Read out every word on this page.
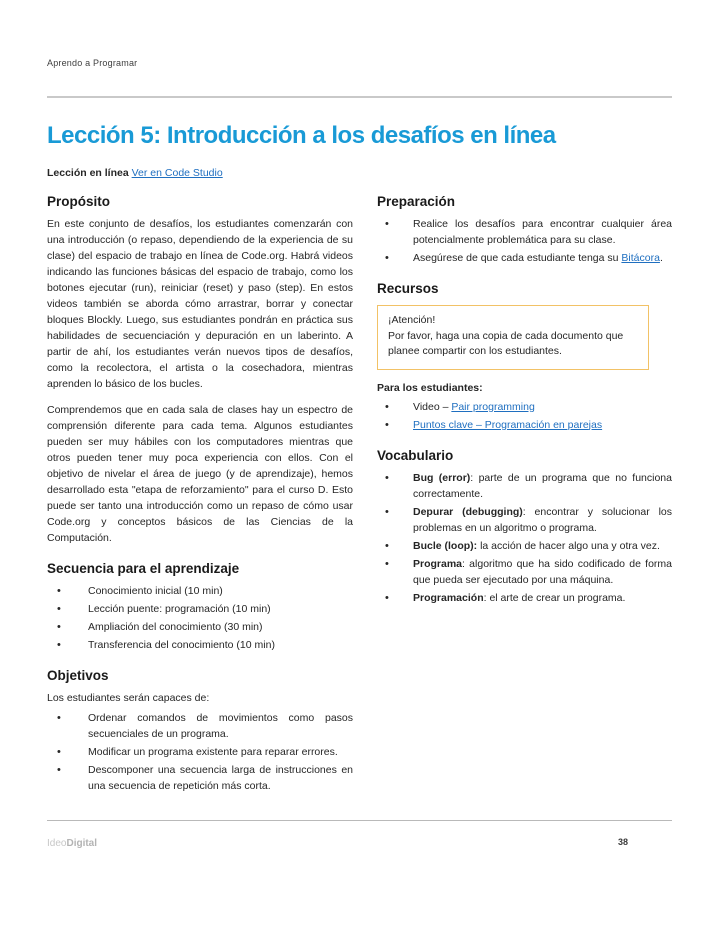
Aprendo a Programar
Lección 5: Introducción a los desafíos en línea
Lección en línea Ver en Code Studio
Propósito

En este conjunto de desafíos, los estudiantes comenzarán con una introducción (o repaso, dependiendo de la experiencia de su clase) del espacio de trabajo en línea de Code.org. Habrá videos indicando las funciones básicas del espacio de trabajo, como los botones ejecutar (run), reiniciar (reset) y paso (step). En estos videos también se aborda cómo arrastrar, borrar y conectar bloques Blockly. Luego, sus estudiantes pondrán en práctica sus habilidades de secuenciación y depuración en un laberinto. A partir de ahí, los estudiantes verán nuevos tipos de desafíos, como la recolectora, el artista o la cosechadora, mientras aprenden lo básico de los bucles.

Comprendemos que en cada sala de clases hay un espectro de comprensión diferente para cada tema. Algunos estudiantes pueden ser muy hábiles con los computadores mientras que otros pueden tener muy poca experiencia con ellos. Con el objetivo de nivelar el área de juego (y de aprendizaje), hemos desarrollado esta "etapa de reforzamiento" para el curso D. Esto puede ser tanto una introducción como un repaso de cómo usar Code.org y conceptos básicos de las Ciencias de la Computación.

Secuencia para el aprendizaje
• Conocimiento inicial (10 min)
• Lección puente: programación (10 min)
• Ampliación del conocimiento (30 min)
• Transferencia del conocimiento (10 min)
Objetivos

Los estudiantes serán capaces de:

• Ordenar comandos de movimientos como pasos secuenciales de un programa.
• Modificar un programa existente para reparar errores.
• Descomponer una secuencia larga de instrucciones en una secuencia de repetición más corta.
Preparación
• Realice los desafíos para encontrar cualquier área potencialmente problemática para su clase.
• Asegúrese de que cada estudiante tenga su Bitácora.
Recursos
¡Atención!
Por favor, haga una copia de cada documento que planee compartir con los estudiantes.
Para los estudiantes:
• Video – Pair programming
• Puntos clave – Programación en parejas
Vocabulario
• Bug (error): parte de un programa que no funciona correctamente.
• Depurar (debugging): encontrar y solucionar los problemas en un algoritmo o programa.
• Bucle (loop): la acción de hacer algo una y otra vez.
• Programa: algoritmo que ha sido codificado de forma que pueda ser ejecutado por una máquina.
• Programación: el arte de crear un programa.
IdeoDigital	38
